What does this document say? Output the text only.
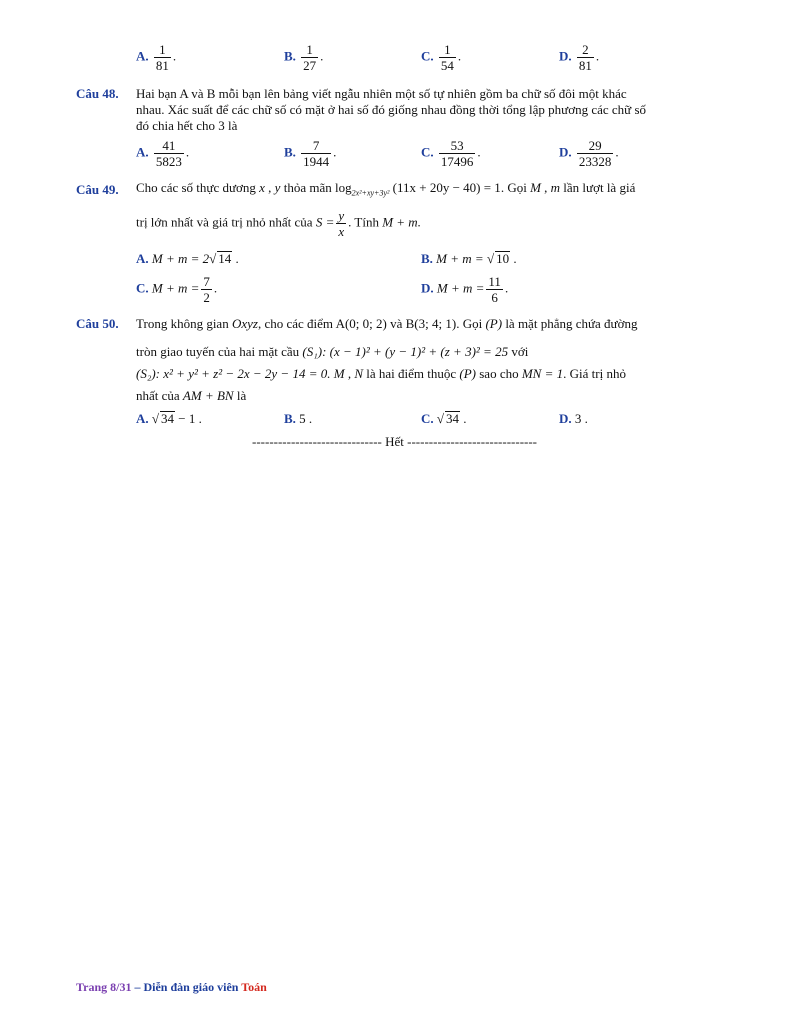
A. $\frac{1}{81}$ .	B. $\frac{1}{27}$ .	C. $\frac{1}{54}$ .	D. $\frac{2}{81}$ .
Câu 48. Hai bạn A và B mỗi bạn lên bảng viết ngẫu nhiên một số tự nhiên gồm ba chữ số đôi một khác
nhau. Xác suất để các chữ số có mặt ở hai số đó giống nhau đồng thời tổng lập phương các chữ số
đó chia hết cho 3 là
A. $\frac{41}{5823}$ .	B. $\frac{7}{1944}$ .	C. $\frac{53}{17496}$ .	D. $\frac{29}{23328}$ .
Câu 49. Cho các số thực dương x , y thỏa mãn $\log_{2x^2+xy+3y^2} (11x + 20y - 40) = 1$. Gọi M , m lần lượt là giá
trị lớn nhất và giá trị nhỏ nhất của $S = \frac{y}{x}$ . Tính M + m.
A. M + m = 2√ 14 .	B. M + m = √ 10 .
C. $M + m = \frac{7}{2}$ .	D. $M + m = \frac{11}{6}$ .
Câu 50. Trong không gian Oxyz, cho các điểm A(0; 0; 2) và B(3; 4; 1). Gọi (P) là mặt phẳng chứa đường
tròn giao tuyến của hai mặt cầu (S₁): (x − 1)² + (y − 1)² + (z + 3)² = 25 với
(S₂): x² + y² + z² − 2x − 2y − 14 = 0. M , N là hai điểm thuộc (P) sao cho MN = 1. Giá trị nhỏ
nhất của AM + BN là
A. √ 34 − 1 .	B. 5 .	C. √ 34 .	D. 3 .
------------------------------ Hết ------------------------------
Trang 8/31 – Diễn đàn giáo viên Toán
